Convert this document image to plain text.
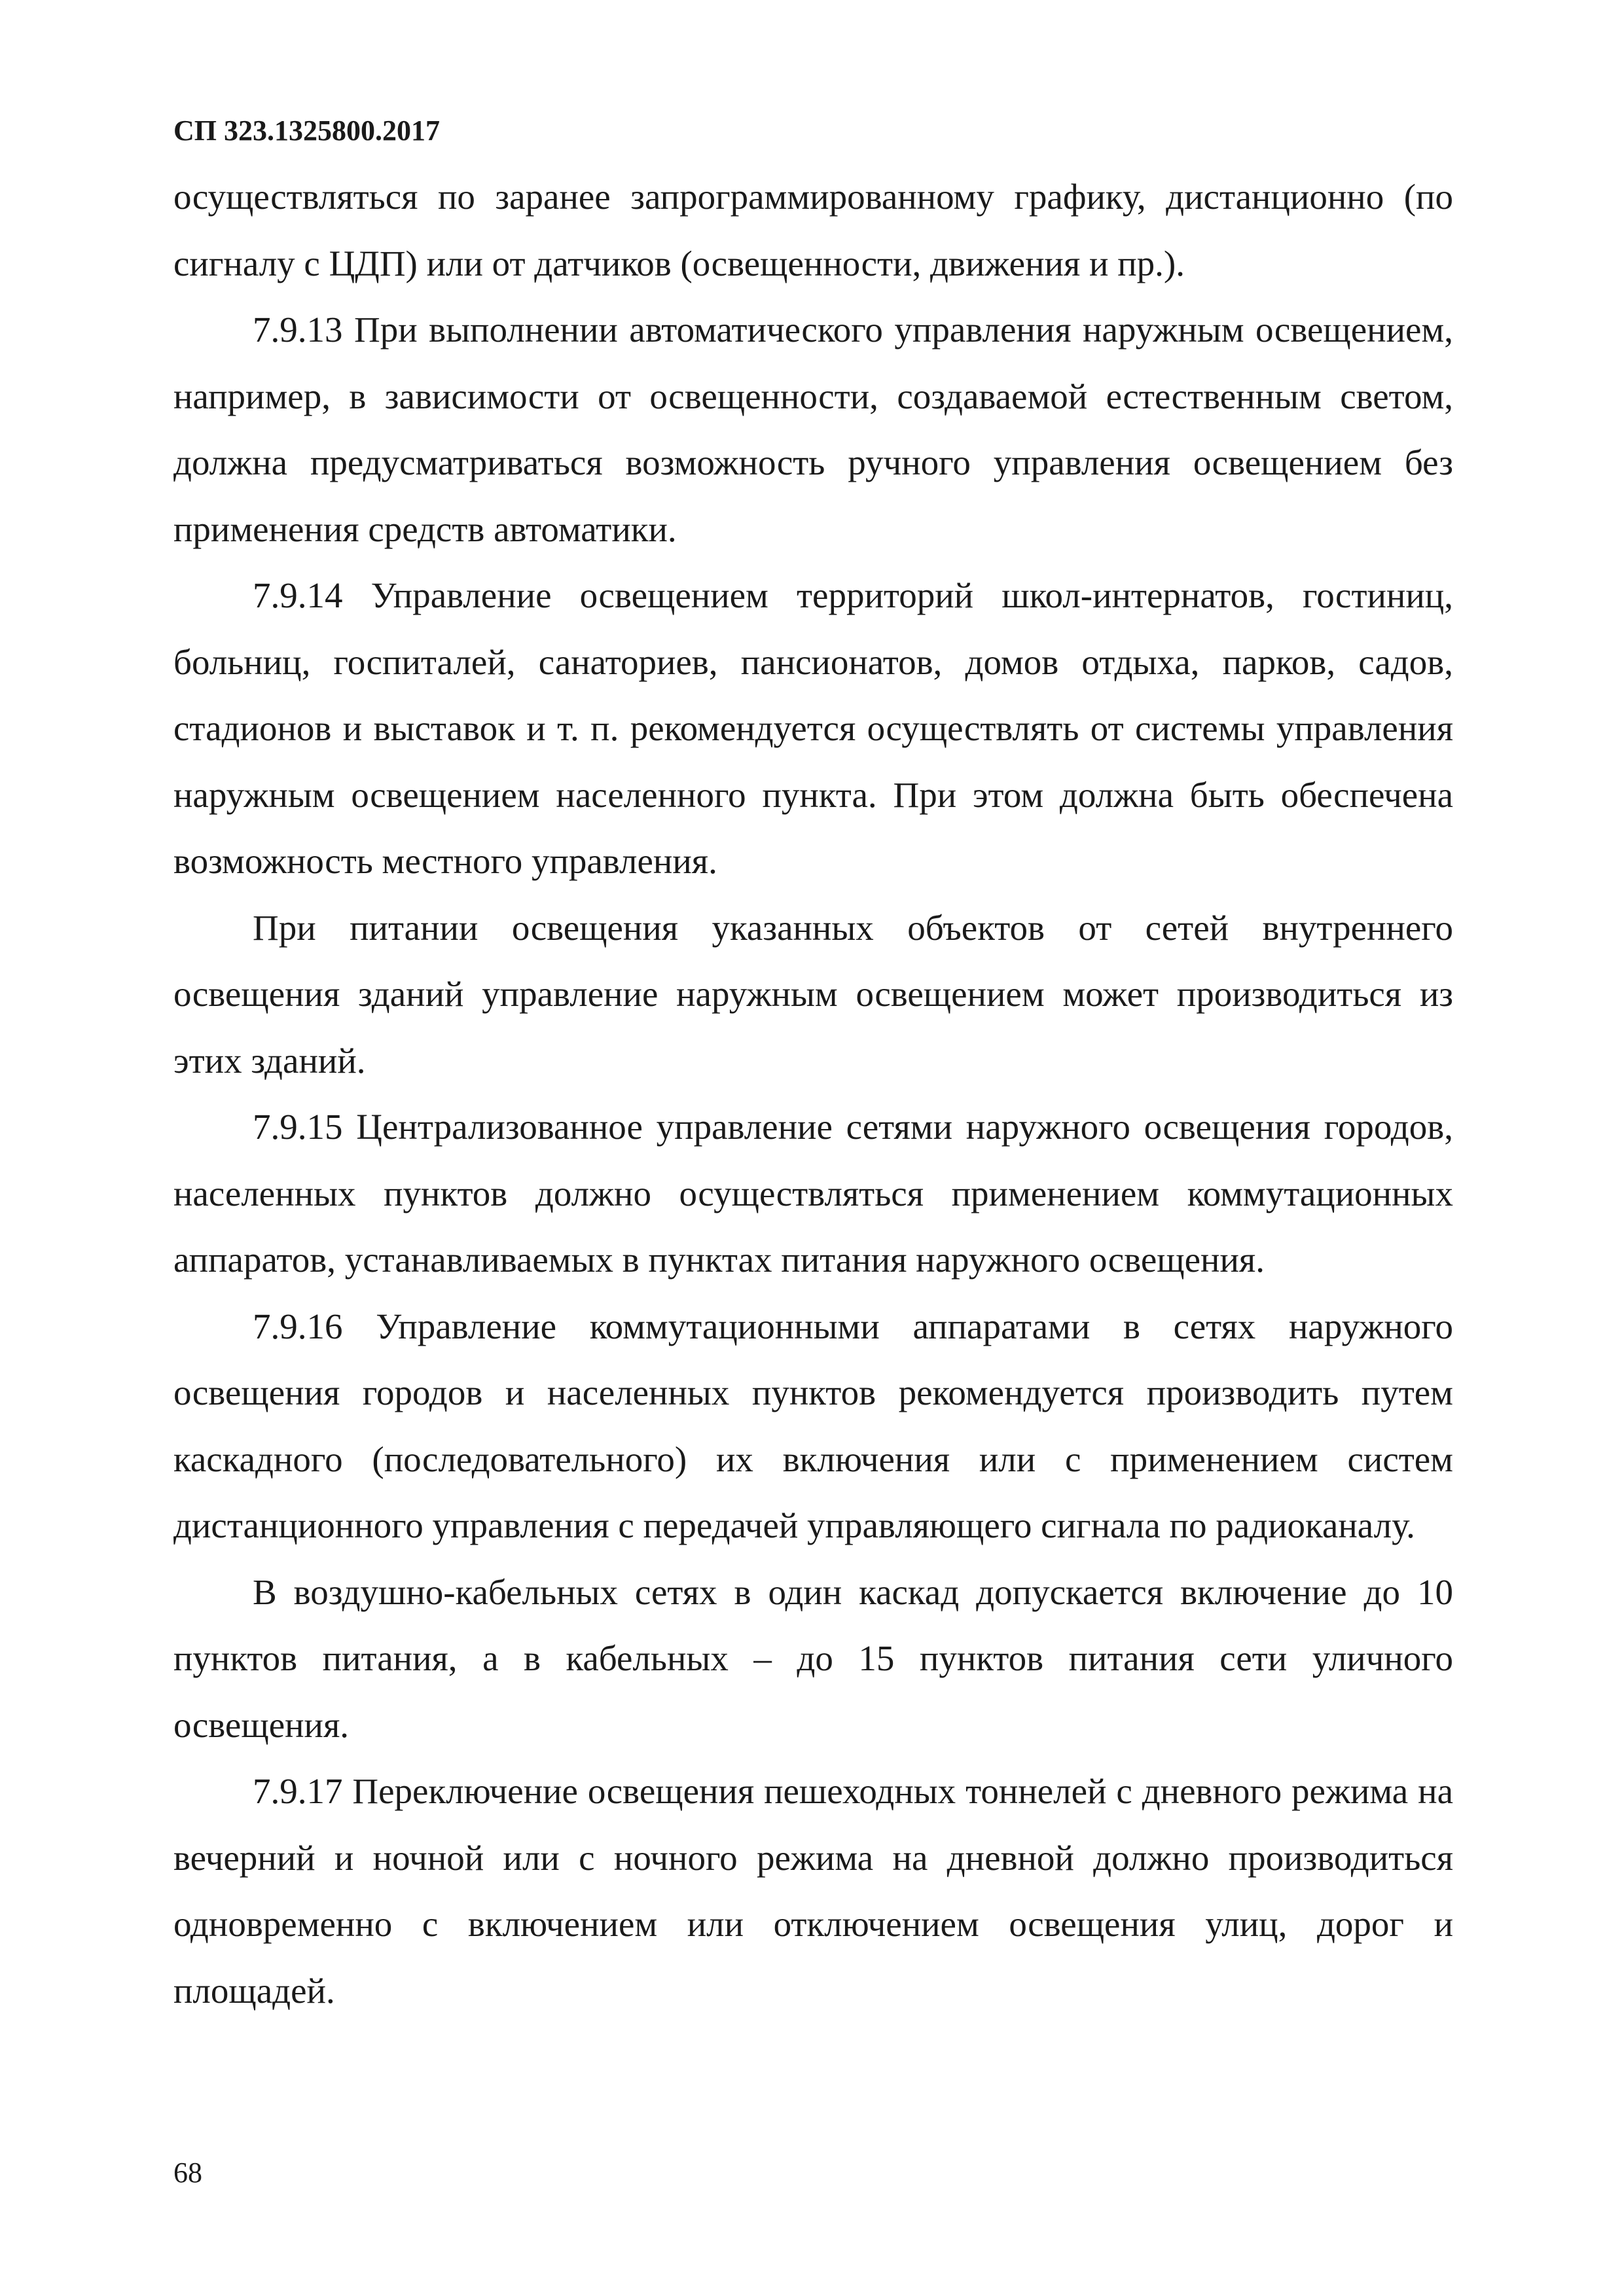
СП 323.1325800.2017

осуществляться по заранее запрограммированному графику, дистанционно (по сигналу с ЦДП) или от датчиков (освещенности, движения и пр.).

7.9.13 При выполнении автоматического управления наружным освещением, например, в зависимости от освещенности, создаваемой естественным светом, должна предусматриваться возможность ручного управления освещением без применения средств автоматики.

7.9.14 Управление освещением территорий школ-интернатов, гостиниц, больниц, госпиталей, санаториев, пансионатов, домов отдыха, парков, садов, стадионов и выставок и т. п. рекомендуется осуществлять от системы управления наружным освещением населенного пункта. При этом должна быть обеспечена возможность местного управления.

При питании освещения указанных объектов от сетей внутреннего освещения зданий управление наружным освещением может производиться из этих зданий.

7.9.15 Централизованное управление сетями наружного освещения городов, населенных пунктов должно осуществляться применением коммутационных аппаратов, устанавливаемых в пунктах питания наружного освещения.

7.9.16 Управление коммутационными аппаратами в сетях наружного освещения городов и населенных пунктов рекомендуется производить путем каскадного (последовательного) их включения или с применением систем дистанционного управления с передачей управляющего сигнала по радиоканалу.

В воздушно-кабельных сетях в один каскад допускается включение до 10 пунктов питания, а в кабельных – до 15 пунктов питания сети уличного освещения.

7.9.17 Переключение освещения пешеходных тоннелей с дневного режима на вечерний и ночной или с ночного режима на дневной должно производиться одновременно с включением или отключением освещения улиц, дорог и площадей.

68
